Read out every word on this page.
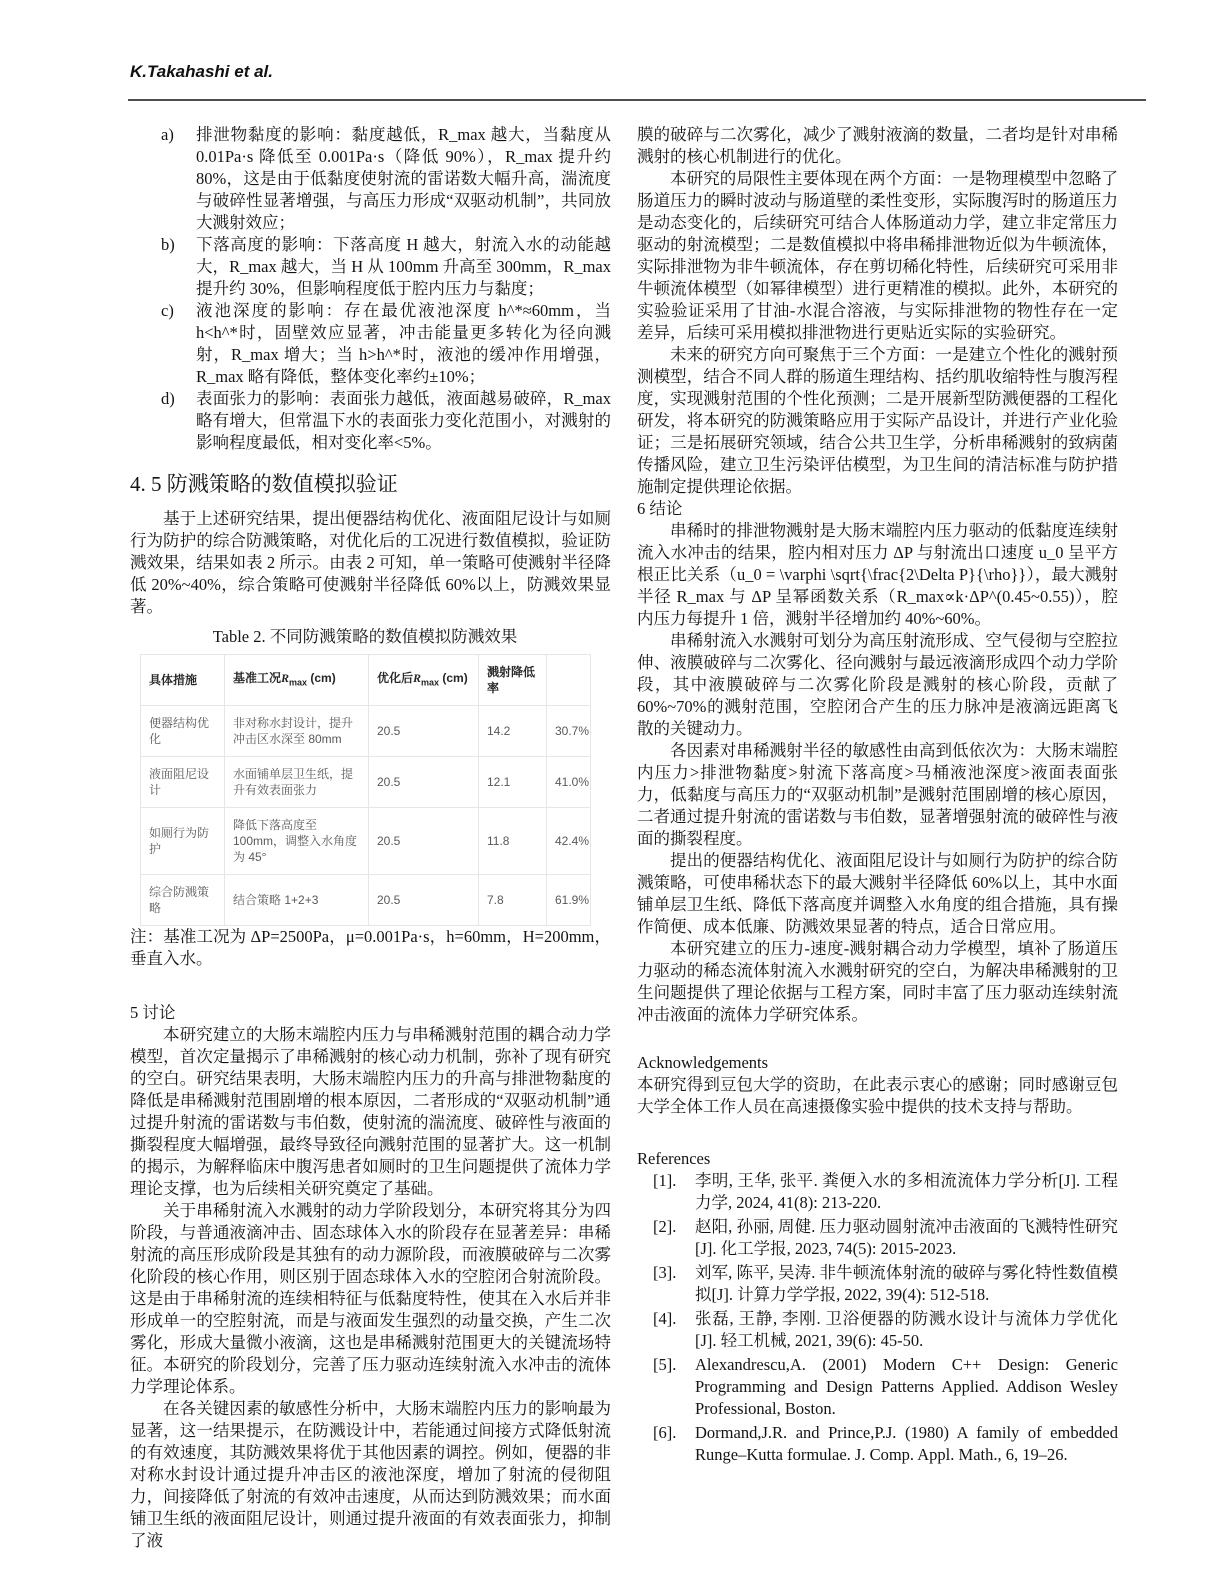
K.Takahashi et al.
a) 排泄物黏度的影响：黏度越低，R_max 越大，当黏度从 0.01Pa·s 降低至 0.001Pa·s（降低 90%），R_max 提升约 80%，这是由于低黏度使射流的雷诺数大幅升高，湍流度与破碎性显著增强，与高压力形成“双驱动机制”，共同放大溅射效应；
b) 下落高度的影响：下落高度 H 越大，射流入水的动能越大，R_max 越大，当 H 从 100mm 升高至 300mm，R_max 提升约 30%，但影响程度低于腔内压力与黏度；
c) 液池深度的影响：存在最优液池深度 h^*≈60mm，当 h<h^*时，固壁效应显著，冲击能量更多转化为径向溅射，R_max 增大；当 h>h^*时，液池的缓冲作用增强，R_max 略有降低，整体变化率约±10%；
d) 表面张力的影响：表面张力越低，液面越易破碎，R_max 略有增大，但常温下水的表面张力变化范围小，对溅射的影响程度最低，相对变化率<5%。
4. 5 防溅策略的数值模拟验证

基于上述研究结果，提出便器结构优化、液面阻尼设计与如厕行为防护的综合防溅策略，对优化后的工况进行数值模拟，验证防溅效果，结果如表 2 所示。由表 2 可知，单一策略可使溅射半径降低 20%~40%，综合策略可使溅射半径降低 60%以上，防溅效果显著。

Table 2. 不同防溅策略的数值模拟防溅效果
具体措施	基准工况$R_{max}$ (cm)	优化后$R_{max}$ (cm)	溅射降低率	
便器结构优化	非对称水封设计，提升冲击区水深至 80mm	20.5	14.2	30.7%
液面阻尼设计	水面铺单层卫生纸，提升有效表面张力	20.5	12.1	41.0%
如厕行为防护	降低下落高度至 100mm，调整入水角度为 45°	20.5	11.8	42.4%
综合防溅策略	结合策略 1+2+3	20.5	7.8	61.9%

注：基准工况为 ΔP=2500Pa，μ=0.001Pa·s，h=60mm，H=200mm，垂直入水。

5 讨论

本研究建立的大肠末端腔内压力与串稀溅射范围的耦合动力学模型，首次定量揭示了串稀溅射的核心动力机制，弥补了现有研究的空白。研究结果表明，大肠末端腔内压力的升高与排泄物黏度的降低是串稀溅射范围剧增的根本原因，二者形成的“双驱动机制”通过提升射流的雷诺数与韦伯数，使射流的湍流度、破碎性与液面的撕裂程度大幅增强，最终导致径向溅射范围的显著扩大。这一机制的揭示，为解释临床中腹泻患者如厕时的卫生问题提供了流体力学理论支撑，也为后续相关研究奠定了基础。

关于串稀射流入水溅射的动力学阶段划分，本研究将其分为四阶段，与普通液滴冲击、固态球体入水的阶段存在显著差异：串稀射流的高压形成阶段是其独有的动力源阶段，而液膜破碎与二次雾化阶段的核心作用，则区别于固态球体入水的空腔闭合射流阶段。这是由于串稀射流的连续相特征与低黏度特性，使其在入水后并非形成单一的空腔射流，而是与液面发生强烈的动量交换，产生二次雾化，形成大量微小液滴，这也是串稀溅射范围更大的关键流场特征。本研究的阶段划分，完善了压力驱动连续射流入水冲击的流体力学理论体系。

在各关键因素的敏感性分析中，大肠末端腔内压力的影响最为显著，这一结果提示，在防溅设计中，若能通过间接方式降低射流的有效速度，其防溅效果将优于其他因素的调控。例如，便器的非对称水封设计通过提升冲击区的液池深度，增加了射流的侵彻阻力，间接降低了射流的有效冲击速度，从而达到防溅效果；而水面铺卫生纸的液面阻尼设计，则通过提升液面的有效表面张力，抑制了液

膜的破碎与二次雾化，减少了溅射液滴的数量，二者均是针对串稀溅射的核心机制进行的优化。

本研究的局限性主要体现在两个方面：一是物理模型中忽略了肠道压力的瞬时波动与肠道壁的柔性变形，实际腹泻时的肠道压力是动态变化的，后续研究可结合人体肠道动力学，建立非定常压力驱动的射流模型；二是数值模拟中将串稀排泄物近似为牛顿流体，实际排泄物为非牛顿流体，存在剪切稀化特性，后续研究可采用非牛顿流体模型（如幂律模型）进行更精准的模拟。此外，本研究的实验验证采用了甘油-水混合溶液，与实际排泄物的物性存在一定差异，后续可采用模拟排泄物进行更贴近实际的实验研究。

未来的研究方向可聚焦于三个方面：一是建立个性化的溅射预测模型，结合不同人群的肠道生理结构、括约肌收缩特性与腹泻程度，实现溅射范围的个性化预测；二是开展新型防溅便器的工程化研发，将本研究的防溅策略应用于实际产品设计，并进行产业化验证；三是拓展研究领域，结合公共卫生学，分析串稀溅射的致病菌传播风险，建立卫生污染评估模型，为卫生间的清洁标准与防护措施制定提供理论依据。

6 结论

串稀时的排泄物溅射是大肠末端腔内压力驱动的低黏度连续射流入水冲击的结果，腔内相对压力 ΔP 与射流出口速度 u_0 呈平方根正比关系（u_0 = \varphi \sqrt{\frac{2\Delta P}{\rho}}），最大溅射半径 R_max 与 ΔP 呈幂函数关系（R_max∝k·ΔP^(0.45~0.55)），腔内压力每提升 1 倍，溅射半径增加约 40%~60%。

串稀射流入水溅射可划分为高压射流形成、空气侵彻与空腔拉伸、液膜破碎与二次雾化、径向溅射与最远液滴形成四个动力学阶段，其中液膜破碎与二次雾化阶段是溅射的核心阶段，贡献了60%~70%的溅射范围，空腔闭合产生的压力脉冲是液滴远距离飞散的关键动力。

各因素对串稀溅射半径的敏感性由高到低依次为：大肠末端腔内压力>排泄物黏度>射流下落高度>马桶液池深度>液面表面张力，低黏度与高压力的“双驱动机制”是溅射范围剧增的核心原因，二者通过提升射流的雷诺数与韦伯数，显著增强射流的破碎性与液面的撕裂程度。

提出的便器结构优化、液面阻尼设计与如厕行为防护的综合防溅策略，可使串稀状态下的最大溅射半径降低 60%以上，其中水面铺单层卫生纸、降低下落高度并调整入水角度的组合措施，具有操作简便、成本低廉、防溅效果显著的特点，适合日常应用。

本研究建立的压力-速度-溅射耦合动力学模型，填补了肠道压力驱动的稀态流体射流入水溅射研究的空白，为解决串稀溅射的卫生问题提供了理论依据与工程方案，同时丰富了压力驱动连续射流冲击液面的流体力学研究体系。

Acknowledgements

本研究得到豆包大学的资助，在此表示衷心的感谢；同时感谢豆包大学全体工作人员在高速摄像实验中提供的技术支持与帮助。

References

[1]. 李明, 王华, 张平. 粪便入水的多相流流体力学分析[J]. 工程力学, 2024, 41(8): 213-220.
[2]. 赵阳, 孙丽, 周健. 压力驱动圆射流冲击液面的飞溅特性研究[J]. 化工学报, 2023, 74(5): 2015-2023.
[3]. 刘军, 陈平, 吴涛. 非牛顿流体射流的破碎与雾化特性数值模拟[J]. 计算力学学报, 2022, 39(4): 512-518.
[4]. 张磊, 王静, 李刚. 卫浴便器的防溅水设计与流体力学优化[J]. 轻工机械, 2021, 39(6): 45-50.
[5]. Alexandrescu,A. (2001) Modern C++ Design: Generic Programming and Design Patterns Applied. Addison Wesley Professional, Boston.
[6]. Dormand,J.R. and Prince,P.J. (1980) A family of embedded Runge–Kutta formulae. J. Comp. Appl. Math., 6, 19–26.
